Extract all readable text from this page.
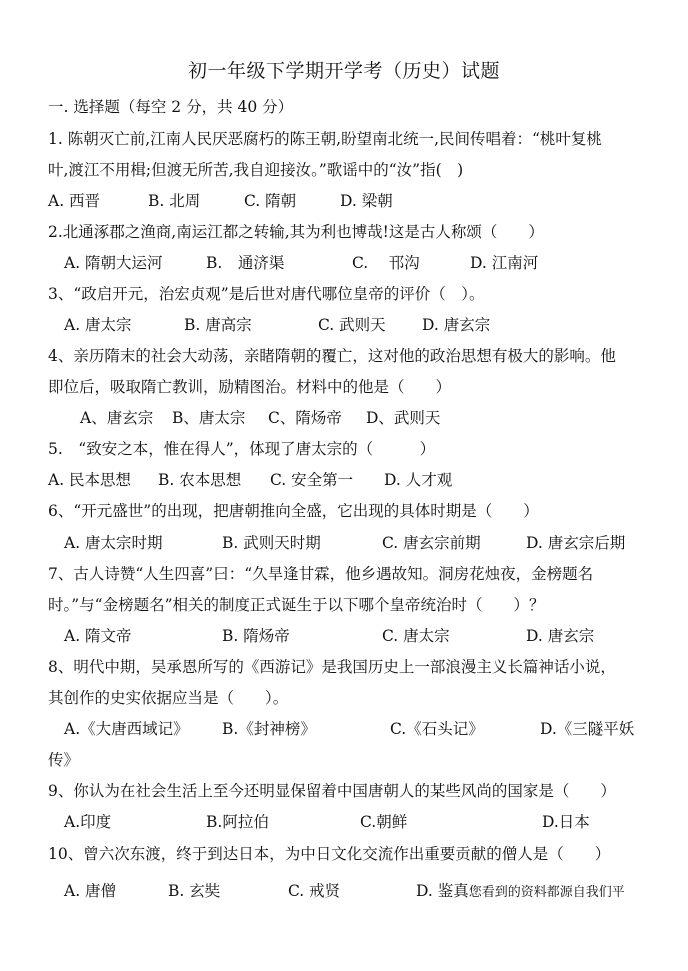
初一年级下学期开学考（历史）试题
一. 选择题（每空 2 分，共 40 分）
1. 陈朝灭亡前,江南人民厌恶腐朽的陈王朝,盼望南北统一,民间传唱着：“桃叶复桃
叶,渡江不用楫;但渡无所苦,我自迎接汝。”歌谣中的“汝”指(　)
A. 西晋	B. 北周	C. 隋朝	D. 梁朝
2.北通涿郡之渔商,南运江都之转输,其为利也博哉!这是古人称颂（　　）
A. 隋朝大运河	B.　通济渠	C.　 邗沟	D. 江南河
3、“政启开元，治宏贞观”是后世对唐代哪位皇帝的评价（　）。
A. 唐太宗	B. 唐高宗	C. 武则天 D. 唐玄宗
4、亲历隋末的社会大动荡，亲睹隋朝的覆亡，这对他的政治思想有极大的影响。他
即位后，吸取隋亡教训，励精图治。材料中的他是（　　）
A、唐玄宗 B、唐太宗 C、隋炀帝 D、武则天
5.　“致安之本，惟在得人”，体现了唐太宗的（　　　）
A. 民本思想 B. 农本思想 C. 安全第一 D. 人才观
6、“开元盛世”的出现，把唐朝推向全盛，它出现的具体时期是（　　）
A. 唐太宗时期	B. 武则天时期	C. 唐玄宗前期	D. 唐玄宗后期
7、古人诗赞“人生四喜”曰：“久旱逢甘霖，他乡遇故知。洞房花烛夜，金榜题名
时。”与“金榜题名”相关的制度正式诞生于以下哪个皇帝统治时（　　）？
A. 隋文帝	B. 隋炀帝	C. 唐太宗	D. 唐玄宗
8、明代中期，吴承恩所写的《西游记》是我国历史上一部浪漫主义长篇神话小说，
其创作的史实依据应当是（　　）。
A.《大唐西域记》 B.《封神榜》	C.《石头记》	D.《三隧平妖
传》
9、你认为在社会生活上至今还明显保留着中国唐朝人的某些风尚的国家是（　　）
A.印度	B.阿拉伯	C.朝鲜	D.日本
10、曾六次东渡，终于到达日本，为中日文化交流作出重要贡献的僧人是（　　）
A. 唐僧	B. 玄奘	C. 戒贤	D. 鉴真您看到的资料都源自我们平
